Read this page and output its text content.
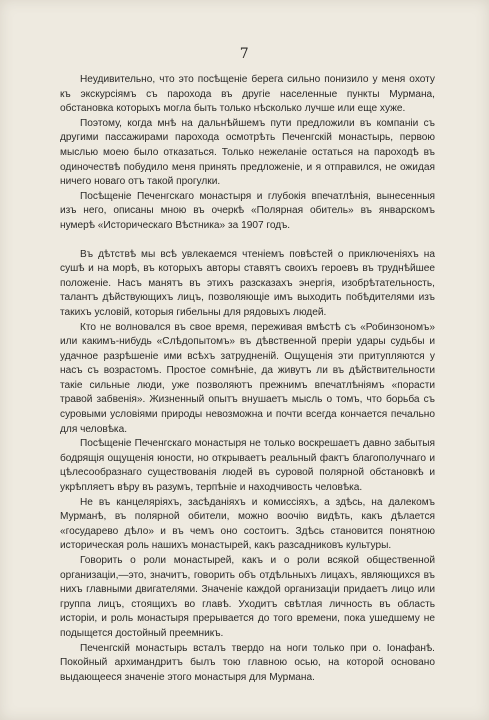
7

Неудивительно, что это посѣщеніе берега сильно понизило у меня охоту къ экскурсіямъ съ парохода въ другіе населенные пункты Мурмана, обстановка которыхъ могла быть только нѣсколько лучше или еще хуже.

Поэтому, когда мнѣ на дальнѣйшемъ пути предложили въ компаніи съ другими пассажирами парохода осмотрѣть Печенгскій монастырь, первою мыслью моею было отказаться. Только нежеланіе остаться на пароходѣ въ одиночествѣ побудило меня принять предложеніе, и я отправился, не ожидая ничего новаго отъ такой прогулки.

Посѣщеніе Печенгскаго монастыря и глубокія впечатлѣнія, вынесенныя изъ него, описаны мною въ очеркѣ «Полярная обитель» въ январскомъ нумерѣ «Историческаго Вѣстника» за 1907 годъ.

Въ дѣтствѣ мы всѣ увлекаемся чтеніемъ повѣстей о приключеніяхъ на сушѣ и на морѣ, въ которыхъ авторы ставятъ своихъ героевъ въ труднѣйшее положеніе. Насъ манятъ въ этихъ разсказахъ энергія, изобрѣтательность, талантъ дѣйствующихъ лицъ, позволяющіе имъ выходить побѣдителями изъ такихъ условій, которыя гибельны для рядовыхъ людей.

Кто не волновался въ свое время, переживая вмѣстѣ съ «Робинзономъ» или какимъ-нибудь «Слѣдопытомъ» въ дѣвственной преріи удары судьбы и удачное разрѣшеніе ими всѣхъ затрудненій. Ощущенія эти притупляются у насъ съ возрастомъ. Простое сомнѣніе, да живутъ ли въ дѣйствительности такіе сильные люди, уже позволяютъ прежнимъ впечатлѣніямъ «порасти травой забвенія». Жизненный опытъ внушаетъ мысль о томъ, что борьба съ суровыми условіями природы невозможна и почти всегда кончается печально для человѣка.

Посѣщеніе Печенгскаго монастыря не только воскрешаетъ давно забытыя бодрящія ощущенія юности, но открываетъ реальный фактъ благополучнаго и цѣлесообразнаго существованія людей въ суровой полярной обстановкѣ и укрѣпляетъ вѣру въ разумъ, терпѣніе и находчивость человѣка.

Не въ канцеляріяхъ, засѣданіяхъ и комиссіяхъ, а здѣсь, на далекомъ Мурманѣ, въ полярной обители, можно воочію видѣть, какъ дѣлается «государево дѣло» и въ чемъ оно состоитъ. Здѣсь становится понятною историческая роль нашихъ монастырей, какъ разсадниковъ культуры.

Говорить о роли монастырей, какъ и о роли всякой общественной организаціи,—это, значитъ, говорить объ отдѣльныхъ лицахъ, являющихся въ нихъ главными двигателями. Значеніе каждой организаціи придаетъ лицо или группа лицъ, стоящихъ во главѣ. Уходитъ свѣтлая личность въ область исторіи, и роль монастыря прерывается до того времени, пока ушедшему не подыщется достойный преемникъ.

Печенгскій монастырь всталъ твердо на ноги только при о. Іонафанѣ. Покойный архимандритъ былъ тою главною осью, на которой основано выдающееся значеніе этого монастыря для Мурмана.
